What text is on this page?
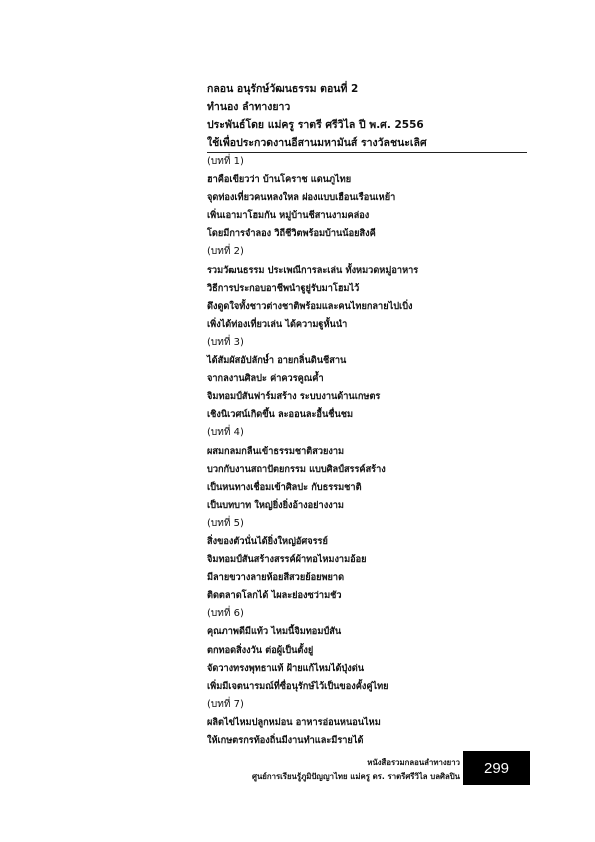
กลอน อนุรักษ์วัฒนธรรม ตอนที่ 2
ทำนอง ลำทางยาว
ประพันธ์โดย แม่ครู ราตรี ศรีวิไล ปี พ.ศ. 2556
ใช้เพื่อประกวดงานอีสานมหามันส์ รางวัลชนะเลิศ
(บทที่ 1)
ฮาคือเขียวว่า บ้านโคราช แดนภูไทย
จุดท่องเที่ยวคนหลงใหล ฝองแบบเฮือนเรือนเหย้า
เพิ่นเอามาโฮมกัน หมู่บ้านชีสานงามคล่อง
โดยมีการจำลอง วิถีชีวิตพร้อมบ้านน้อยสิงคี
(บทที่ 2)
รวมวัฒนธรรม ประเพณีการละเล่น ทั้งหมวดหมู่อาหาร
วิธีการประกอบอาชีพนำฐูยู่รับมาโฮมไว้
ดึงดูดใจทั้งชาวต่างชาติพร้อมและคนไทยกลายไปเบิ่ง
เพิ่งได้ท่องเที่ยวเล่น ได้ความฐูหั้นนำ
(บทที่ 3)
ได้สัมผัสอัปลักษ์ำ อายกลิ่นดินชีสาน
จากลงานศิลปะ ค่าควรคูณค้ำ
จิมทอมป์สันฟาร์มสร้าง ระบบงานด้านเกษตร
เชิงนิเวศน์เกิดขึ้น ละออนละอื้นชื่นชม
(บทที่ 4)
ผสมกลมกลืนเข้าธรรมชาติสวยงาม
บวกกับงานสถาปัตยกรรม แบบศิลป์สรรค์สร้าง
เป็นหนทางเชื่อมเข้าศิลปะ กับธรรมชาติ
เป็นบทบาท ใหญ่ยิ่งยิ่งอ้างอย่างงาม
(บทที่ 5)
สิ่งของตัวนั่นได้ยิ่งใหญ่อัศจรรย์
จิมทอมป์สันสร้างสรรค์ผ้าทอไหมงามอ้อย
มีลายขวางลายห้อยสีสวยย้อยพยาด
ติดตลาดโลกได้ ไผละย่องซว่ามชัว
(บทที่ 6)
คุณภาพดีมีแท้ว ไหมนี้จิมทอมป์สัน
ตกทอดสิ่งงวัน ต่อผู้เป็นตั้งยู่
จัดวางทรงพุทธาแท้ ฝ้ายแก้ไหมได้ปุ่งด่น
เพิ่มมีเจตนารมณ์ที่ซื่อนุรักษ์ไว้เป็นของคั้งคู่ไทย
(บทที่ 7)
ผลิตไข่ไหมปลูกหม่อน อาหารอ่อนหนอนไหม
ให้เกษตรกรท้องถิ่นมีงานทำและมีรายได้
หนังสือรวมกลอนลำทางยาว
ศูนย์การเรียนรู้ภูมิปัญญาไทย แม่ครู ดร. ราตรีศรีวิไล บลศิลปิน 299
